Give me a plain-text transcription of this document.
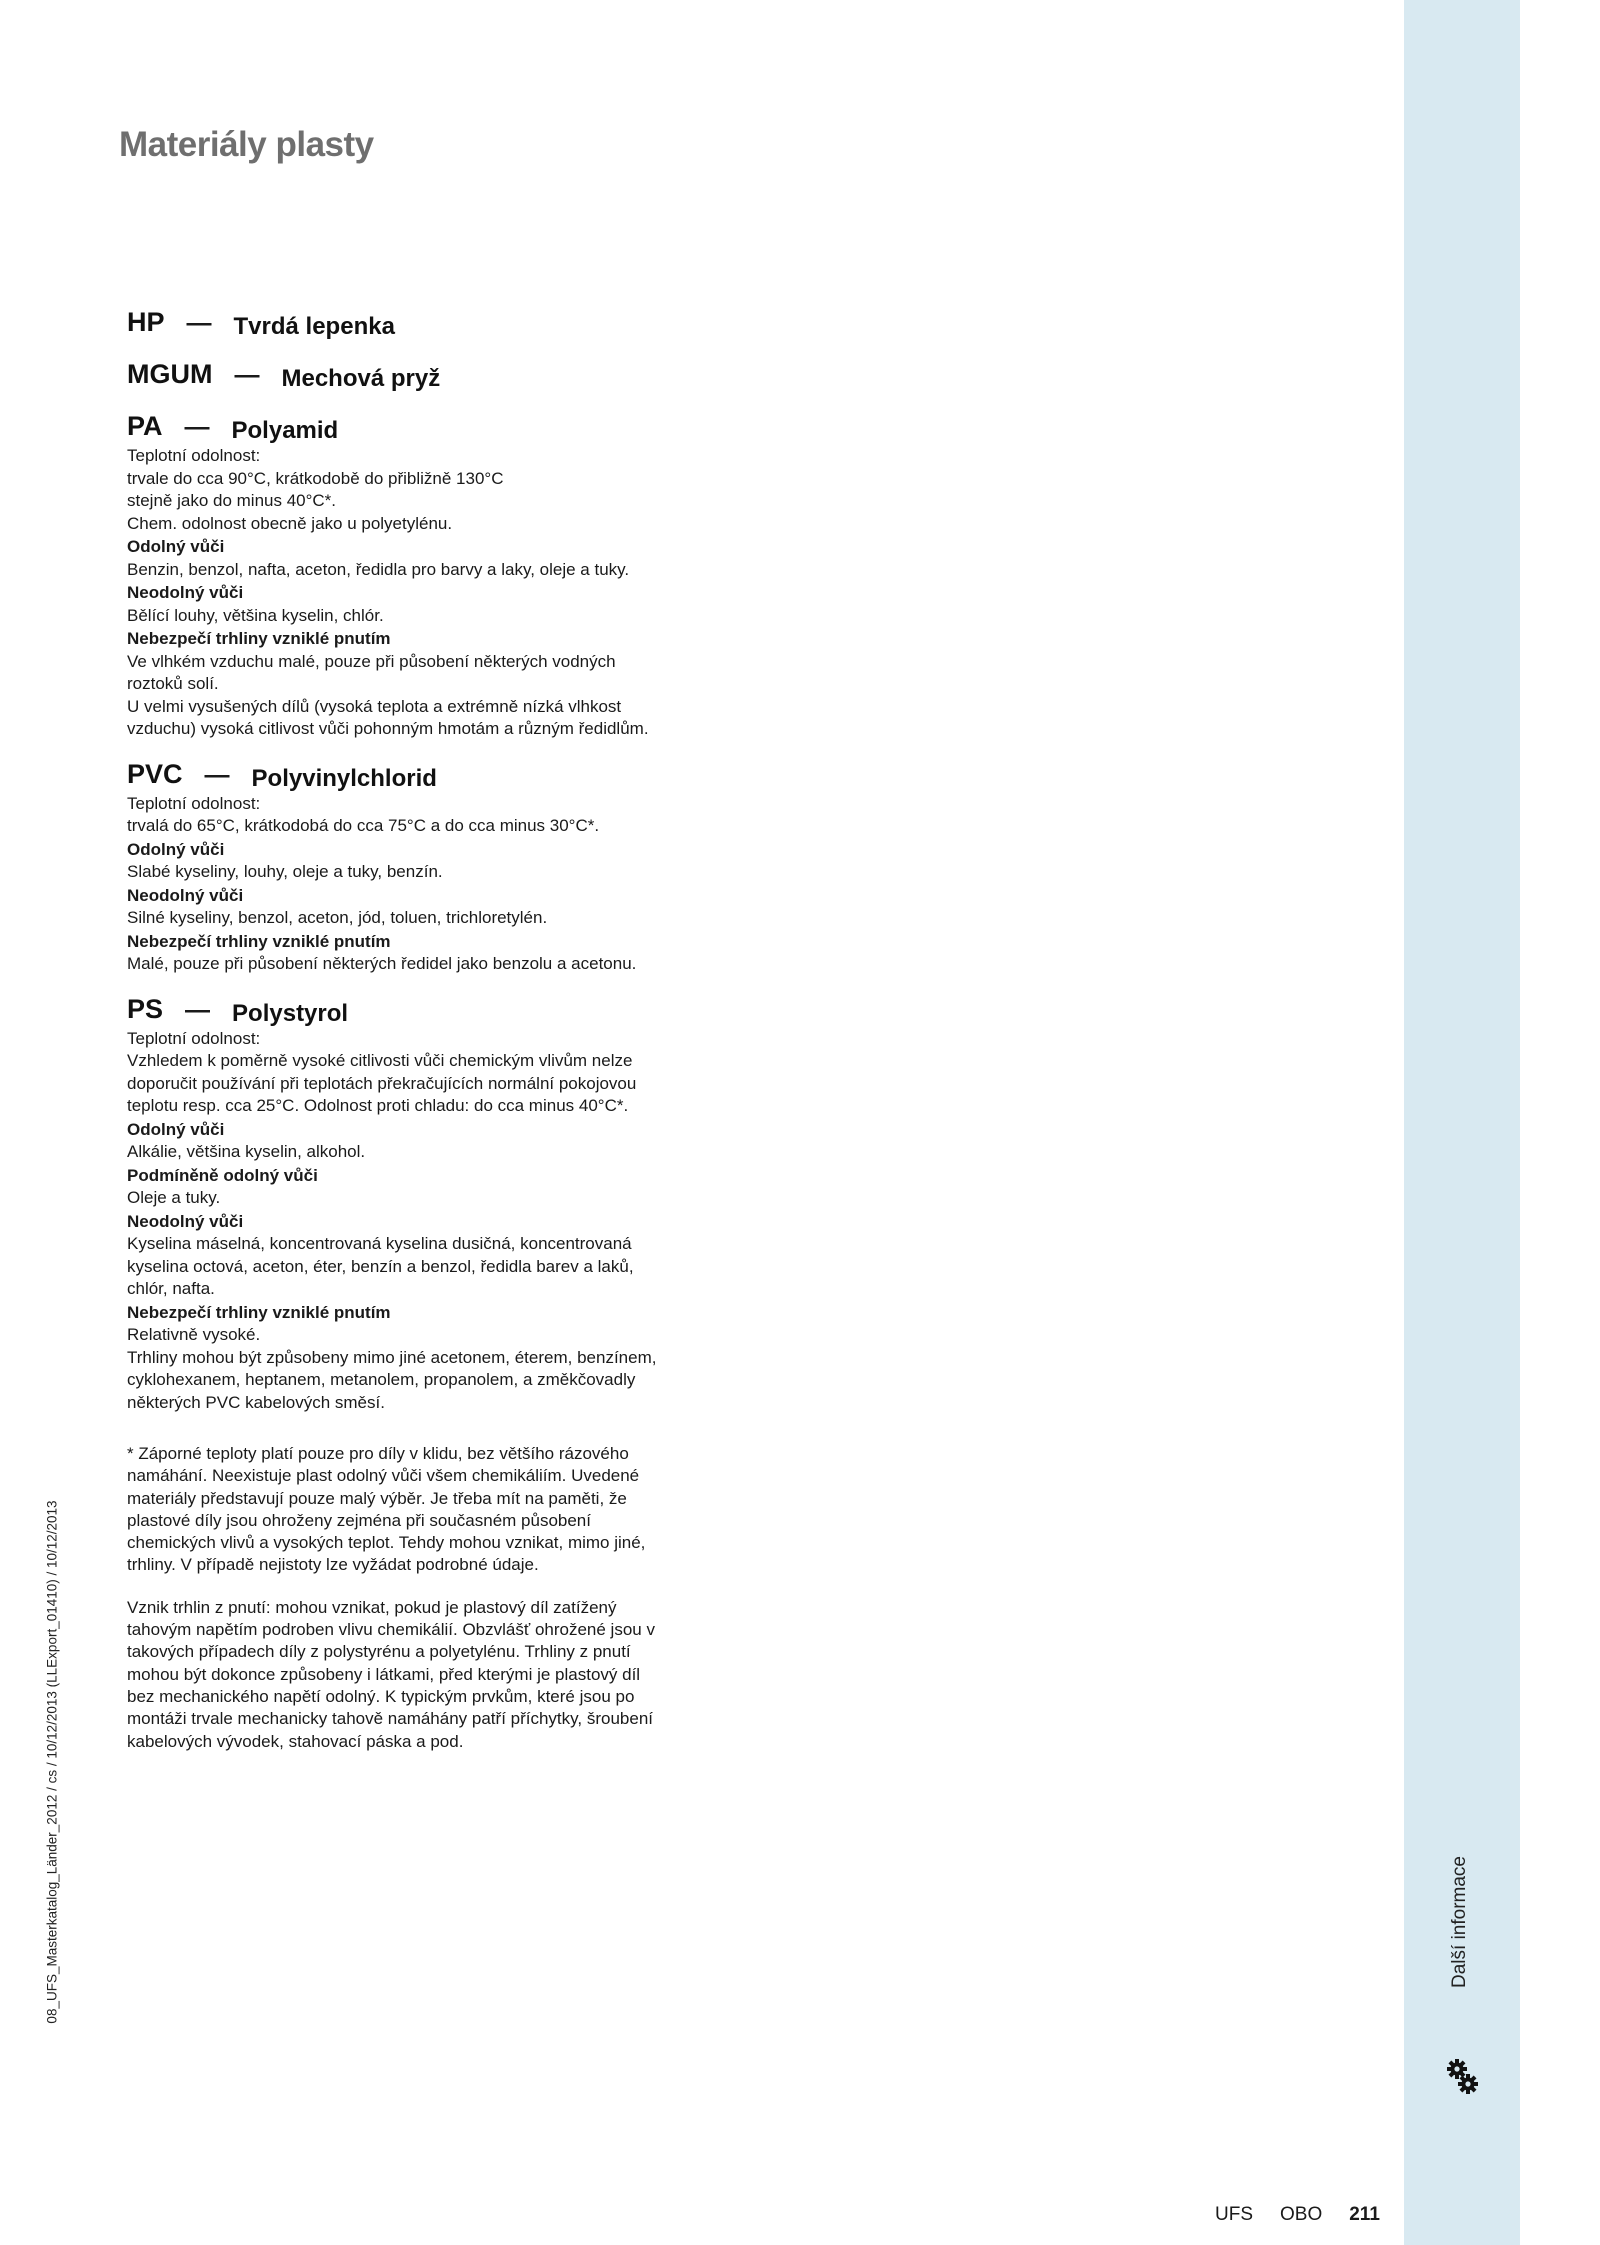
Další informace
Materiály plasty
HP — Tvrdá lepenka
MGUM — Mechová pryž
PA — Polyamid
Teplotní odolnost:
trvale do cca 90°C, krátkodobě do přibližně 130°C
stejně jako do minus 40°C*.
Chem. odolnost obecně jako u polyetylénu.
Odolný vůči
Benzin, benzol, nafta, aceton, ředidla pro barvy a laky, oleje a tuky.
Neodolný vůči
Bělící louhy, většina kyselin, chlór.
Nebezpečí trhliny vzniklé pnutím
Ve vlhkém vzduchu malé, pouze při působení některých vodných
roztoků solí.
U velmi vysušených dílů (vysoká teplota a extrémně nízká vlhkost
vzduchu) vysoká citlivost vůči pohonným hmotám a různým ředidlům.
PVC — Polyvinylchlorid
Teplotní odolnost:
trvalá do 65°C, krátkodobá do cca 75°C a do cca minus 30°C*.
Odolný vůči
Slabé kyseliny, louhy, oleje a tuky, benzín.
Neodolný vůči
Silné kyseliny, benzol, aceton, jód, toluen, trichloretylén.
Nebezpečí trhliny vzniklé pnutím
Malé, pouze při působení některých ředidel jako benzolu a acetonu.
PS — Polystyrol
Teplotní odolnost:
Vzhledem k poměrně vysoké citlivosti vůči chemickým vlivům nelze
doporučit používání při teplotách překračujících normální pokojovou
teplotu resp. cca 25°C. Odolnost proti chladu: do cca minus 40°C*.
Odolný vůči
Alkálie, většina kyselin, alkohol.
Podmíněně odolný vůči
Oleje a tuky.
Neodolný vůči
Kyselina máselná, koncentrovaná kyselina dusičná, koncentrovaná
kyselina octová, aceton, éter, benzín a benzol, ředidla barev a laků,
chlór, nafta.
Nebezpečí trhliny vzniklé pnutím
Relativně vysoké.
Trhliny mohou být způsobeny mimo jiné acetonem, éterem, benzínem,
cyklohexanem, heptanem, metanolem, propanolem, a změkčovadly
některých PVC kabelových směsí.
* Záporné teploty platí pouze pro díly v klidu, bez většího rázového
namáhání. Neexistuje plast odolný vůči všem chemikáliím. Uvedené
materiály představují pouze malý výběr. Je třeba mít na paměti, že
plastové díly jsou ohroženy zejména při současném působení
chemických vlivů a vysokých teplot. Tehdy mohou vznikat, mimo jiné,
trhliny. V případě nejistoty lze vyžádat podrobné údaje.
Vznik trhlin z pnutí: mohou vznikat, pokud je plastový díl zatížený
tahovým napětím podroben vlivu chemikálií. Obzvlášť ohrožené jsou v
takových případech díly z polystyrénu a polyetylénu. Trhliny z pnutí
mohou být dokonce způsobeny i látkami, před kterými je plastový díl
bez mechanického napětí odolný. K typickým prvkům, které jsou po
montáži trvale mechanicky tahově namáhány patří příchytky, šroubení
kabelových vývodek, stahovací páska a pod.
08_UFS_Masterkatalog_Länder_2012 / cs / 10/12/2013 (LLExport_01410) / 10/12/2013
UFS OBO 211
